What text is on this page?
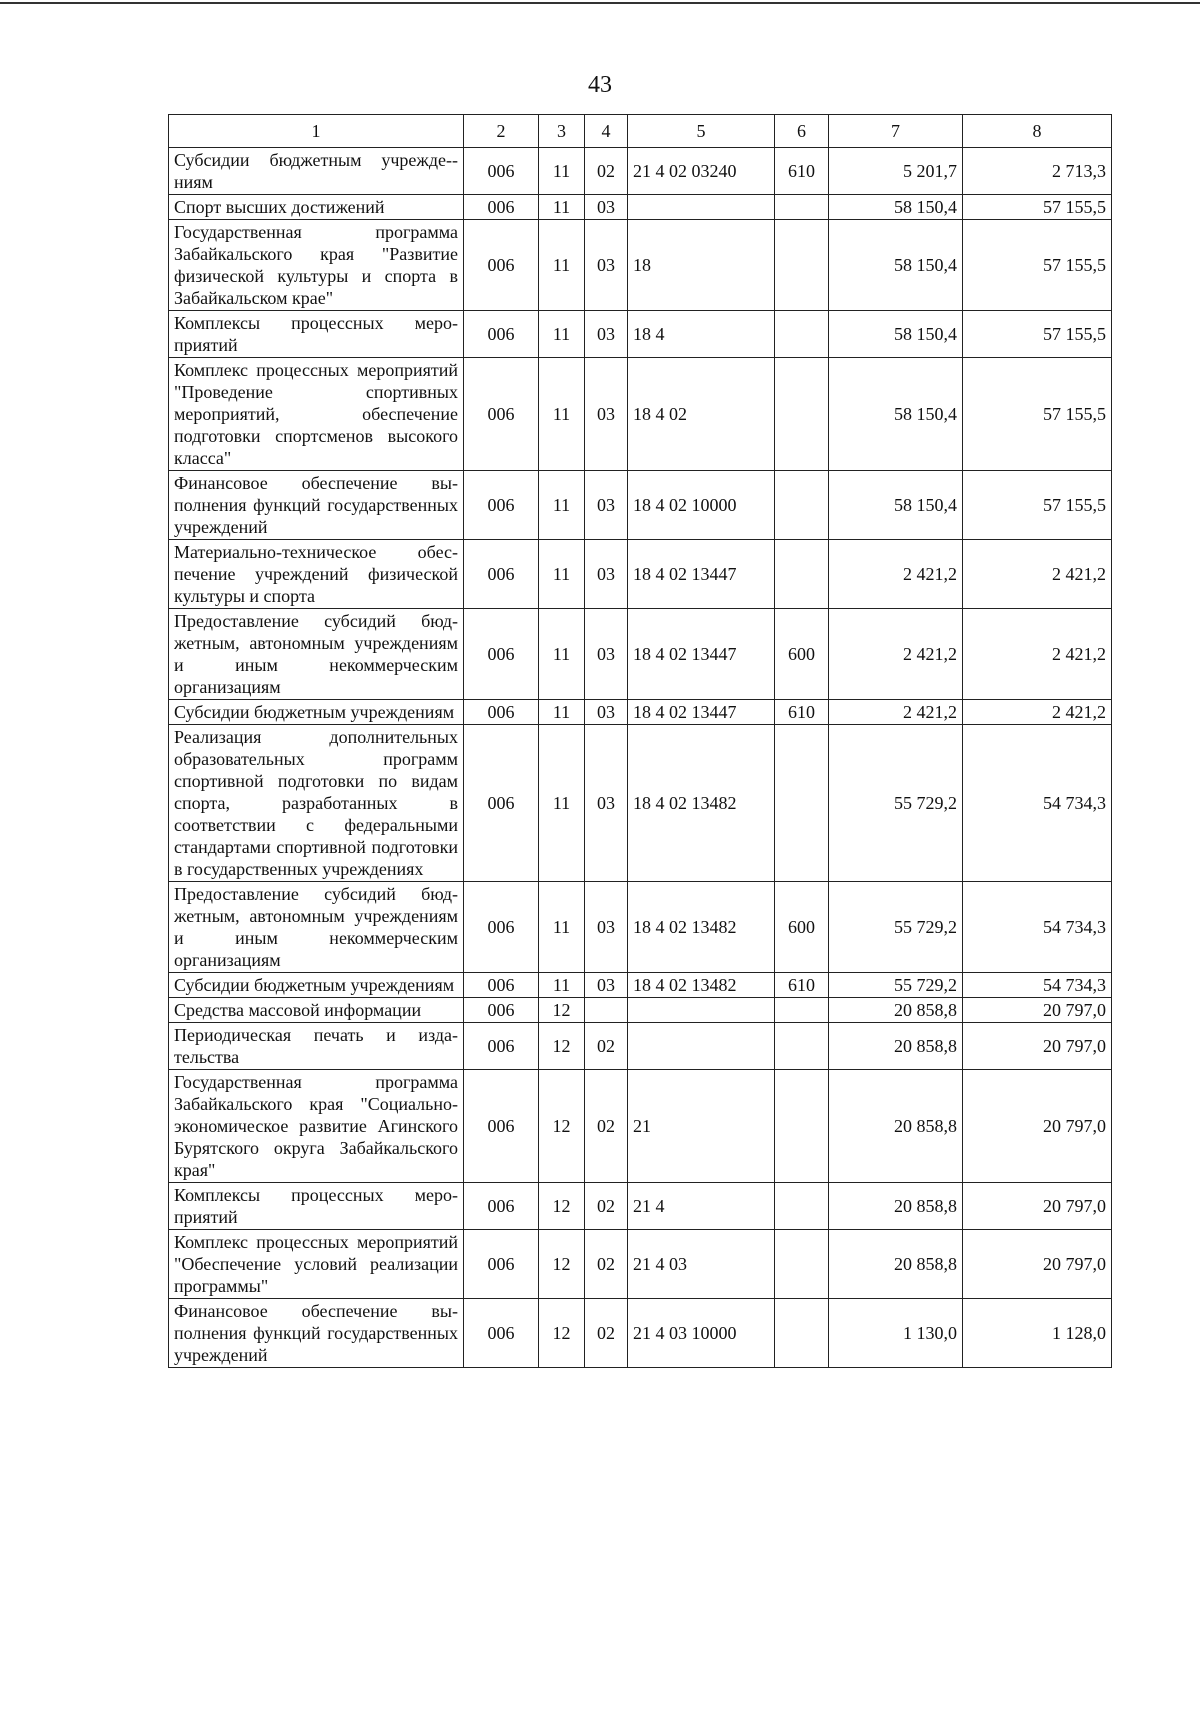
43
1	2	3	4	5	6	7	8
Субсидии бюджетным учрежде-ниям	006	11	02	21 4 02 03240	610	5 201,7	2 713,3
Спорт высших достижений	006	11	03			58 150,4	57 155,5
Государственная программа Забайкальского края "Развитие физической культуры и спорта в Забайкальском крае"	006	11	03	18		58 150,4	57 155,5
Комплексы процессных мероприятий	006	11	03	18 4		58 150,4	57 155,5
Комплекс процессных мероприятий "Проведение спортивных мероприятий, обеспечение подготовки спортсменов высокого класса"	006	11	03	18 4 02		58 150,4	57 155,5
Финансовое обеспечение выполнения функций государственных учреждений	006	11	03	18 4 02 10000		58 150,4	57 155,5
Материально-техническое обеспечение учреждений физической культуры и спорта	006	11	03	18 4 02 13447		2 421,2	2 421,2
Предоставление субсидий бюджетным, автономным учреждениям и иным некоммерческим организациям	006	11	03	18 4 02 13447	600	2 421,2	2 421,2
Субсидии бюджетным учреждениям	006	11	03	18 4 02 13447	610	2 421,2	2 421,2
Реализация дополнительных образовательных программ спортивной подготовки по видам спорта, разработанных в соответствии с федеральными стандартами спортивной подготовки в государственных учреждениях	006	11	03	18 4 02 13482		55 729,2	54 734,3
Предоставление субсидий бюджетным, автономным учреждениям и иным некоммерческим организациям	006	11	03	18 4 02 13482	600	55 729,2	54 734,3
Субсидии бюджетным учреждениям	006	11	03	18 4 02 13482	610	55 729,2	54 734,3
Средства массовой информации	006	12				20 858,8	20 797,0
Периодическая печать и издательства	006	12	02			20 858,8	20 797,0
Государственная программа Забайкальского края "Социально-экономическое развитие Агинского Бурятского округа Забайкальского края"	006	12	02	21		20 858,8	20 797,0
Комплексы процессных мероприятий	006	12	02	21 4		20 858,8	20 797,0
Комплекс процессных мероприятий "Обеспечение условий реализации программы"	006	12	02	21 4 03		20 858,8	20 797,0
Финансовое обеспечение выполнения функций государственных учреждений	006	12	02	21 4 03 10000		1 130,0	1 128,0
